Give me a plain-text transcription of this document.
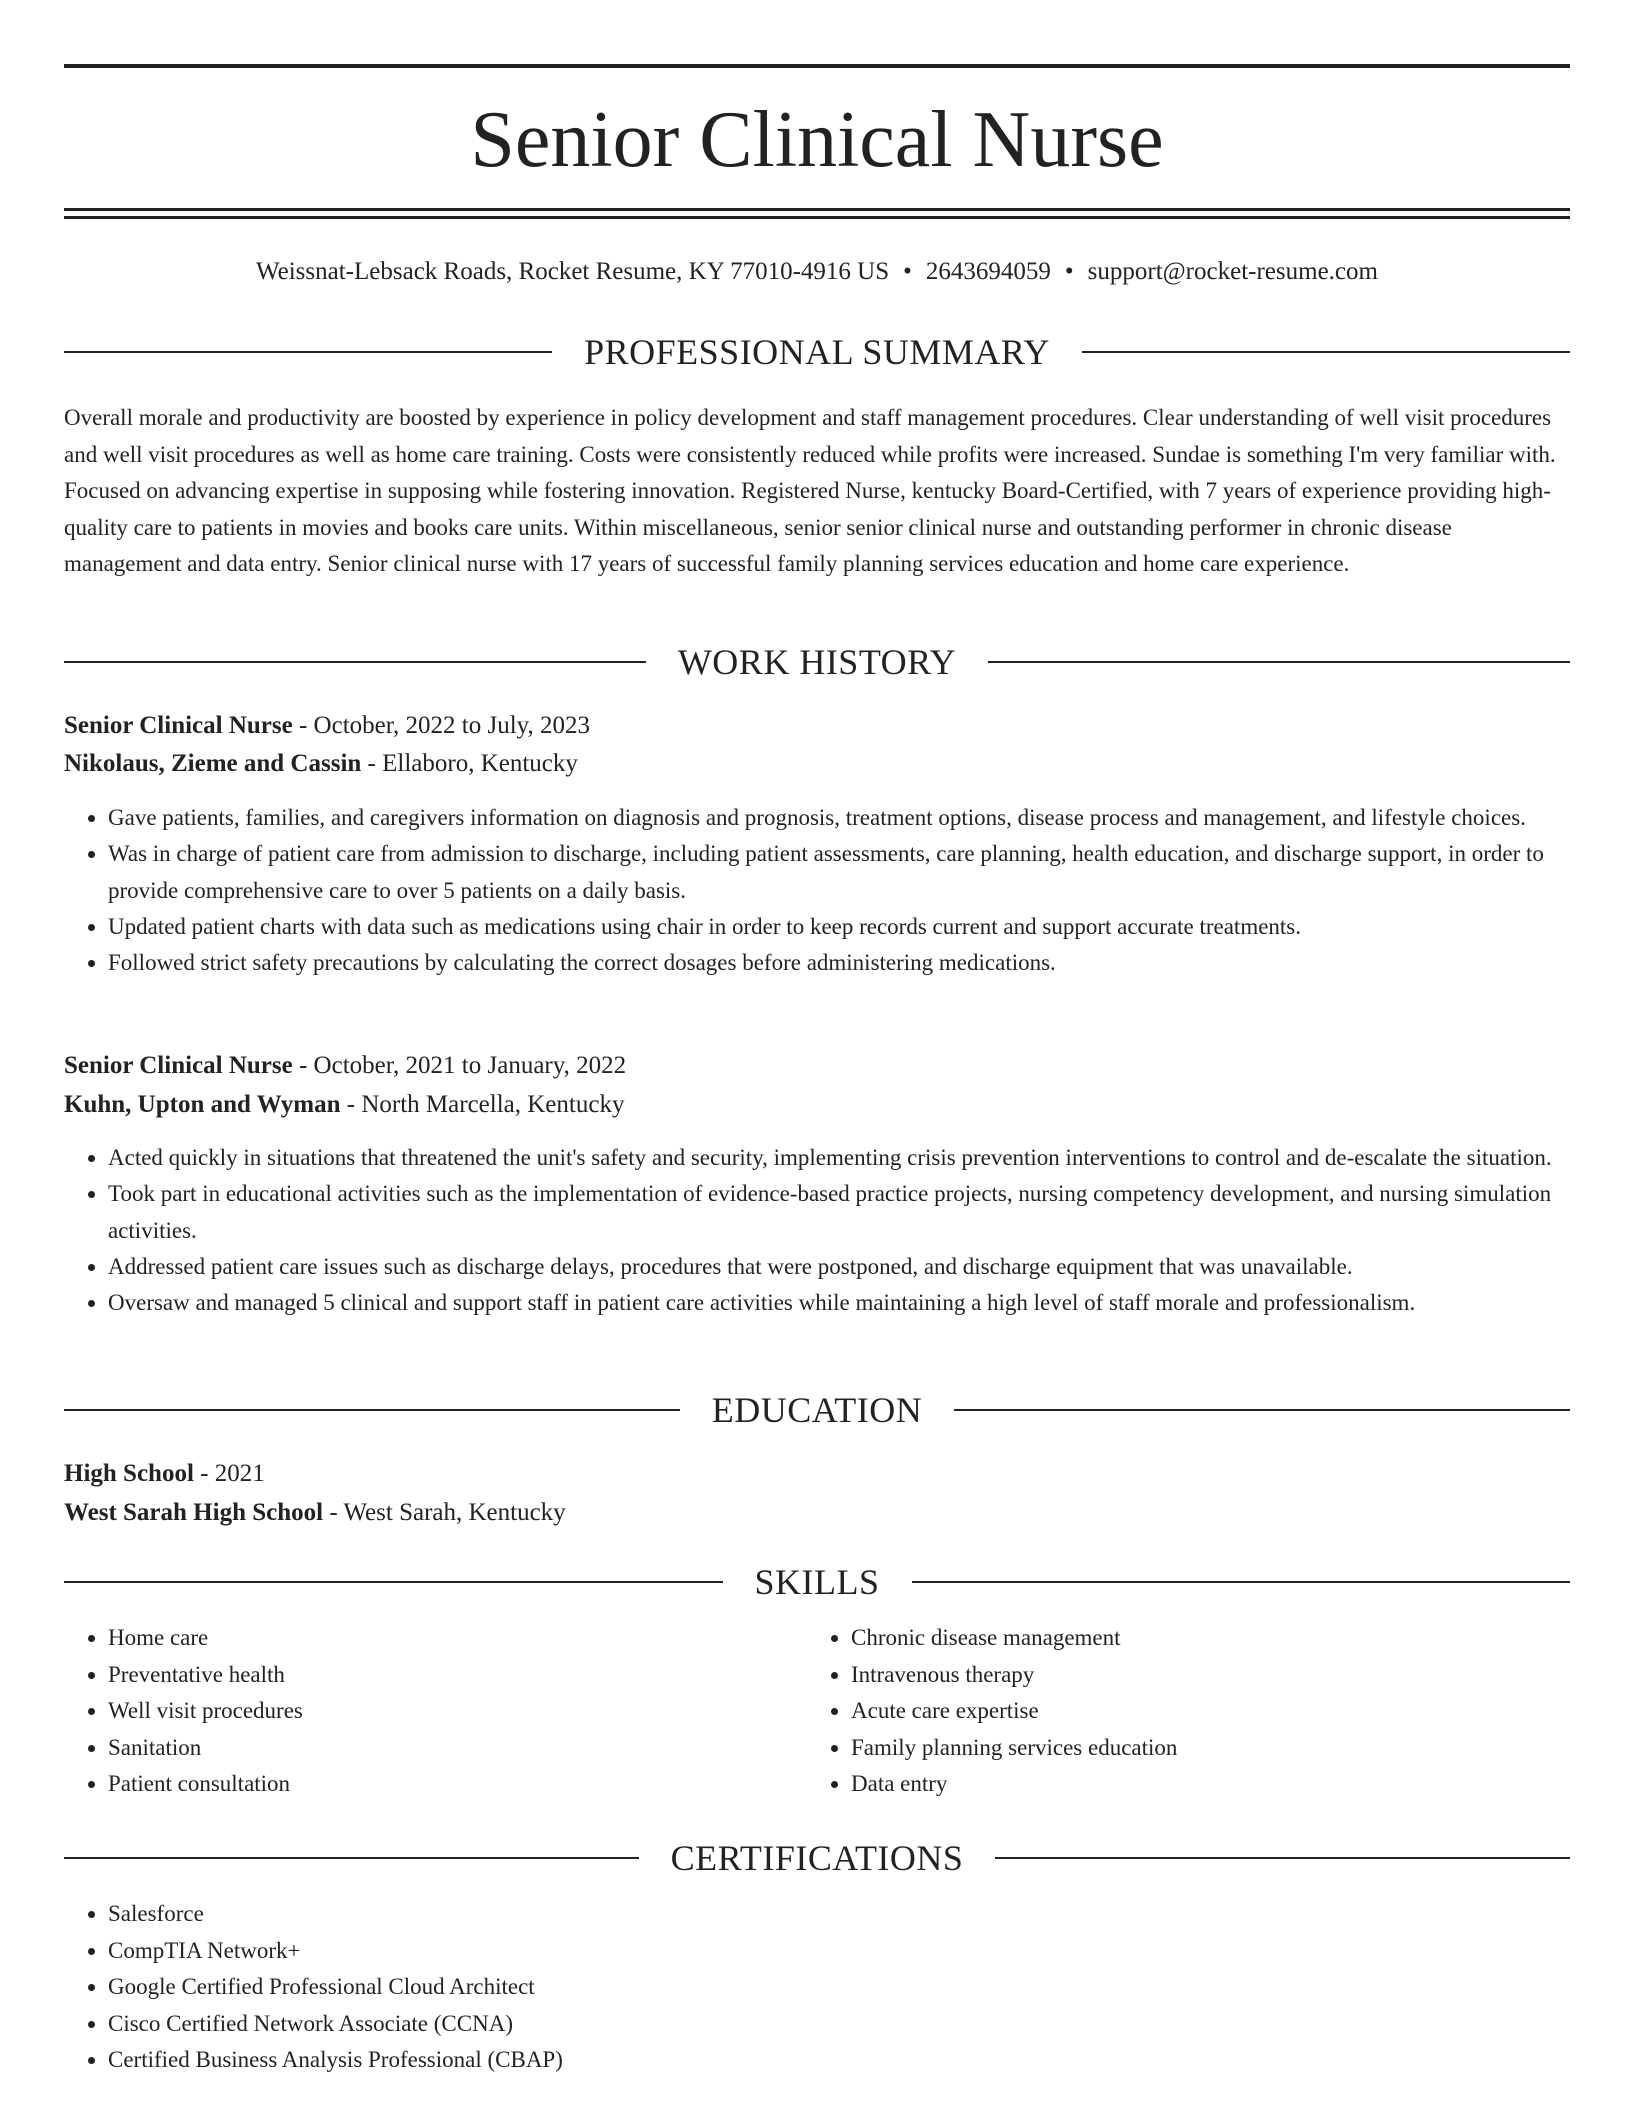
Senior Clinical Nurse
Weissnat-Lebsack Roads, Rocket Resume, KY 77010-4916 US • 2643694059 • support@rocket-resume.com
PROFESSIONAL SUMMARY

Overall morale and productivity are boosted by experience in policy development and staff management procedures. Clear understanding of well visit procedures and well visit procedures as well as home care training. Costs were consistently reduced while profits were increased. Sundae is something I'm very familiar with. Focused on advancing expertise in supposing while fostering innovation. Registered Nurse, kentucky Board-Certified, with 7 years of experience providing high-quality care to patients in movies and books care units. Within miscellaneous, senior senior clinical nurse and outstanding performer in chronic disease management and data entry. Senior clinical nurse with 17 years of successful family planning services education and home care experience.

WORK HISTORY
Senior Clinical Nurse - October, 2022 to July, 2023
Nikolaus, Zieme and Cassin - Ellaboro, Kentucky
• Gave patients, families, and caregivers information on diagnosis and prognosis, treatment options, disease process and management, and lifestyle choices.
• Was in charge of patient care from admission to discharge, including patient assessments, care planning, health education, and discharge support, in order to provide comprehensive care to over 5 patients on a daily basis.
• Updated patient charts with data such as medications using chair in order to keep records current and support accurate treatments.
• Followed strict safety precautions by calculating the correct dosages before administering medications.
Senior Clinical Nurse - October, 2021 to January, 2022
Kuhn, Upton and Wyman - North Marcella, Kentucky
• Acted quickly in situations that threatened the unit's safety and security, implementing crisis prevention interventions to control and de-escalate the situation.
• Took part in educational activities such as the implementation of evidence-based practice projects, nursing competency development, and nursing simulation activities.
• Addressed patient care issues such as discharge delays, procedures that were postponed, and discharge equipment that was unavailable.
• Oversaw and managed 5 clinical and support staff in patient care activities while maintaining a high level of staff morale and professionalism.
EDUCATION
High School - 2021
West Sarah High School - West Sarah, Kentucky
SKILLS
• Home care
• Preventative health
• Well visit procedures
• Sanitation
• Patient consultation
• Chronic disease management
• Intravenous therapy
• Acute care expertise
• Family planning services education
• Data entry
CERTIFICATIONS
• Salesforce
• CompTIA Network+
• Google Certified Professional Cloud Architect
• Cisco Certified Network Associate (CCNA)
• Certified Business Analysis Professional (CBAP)
